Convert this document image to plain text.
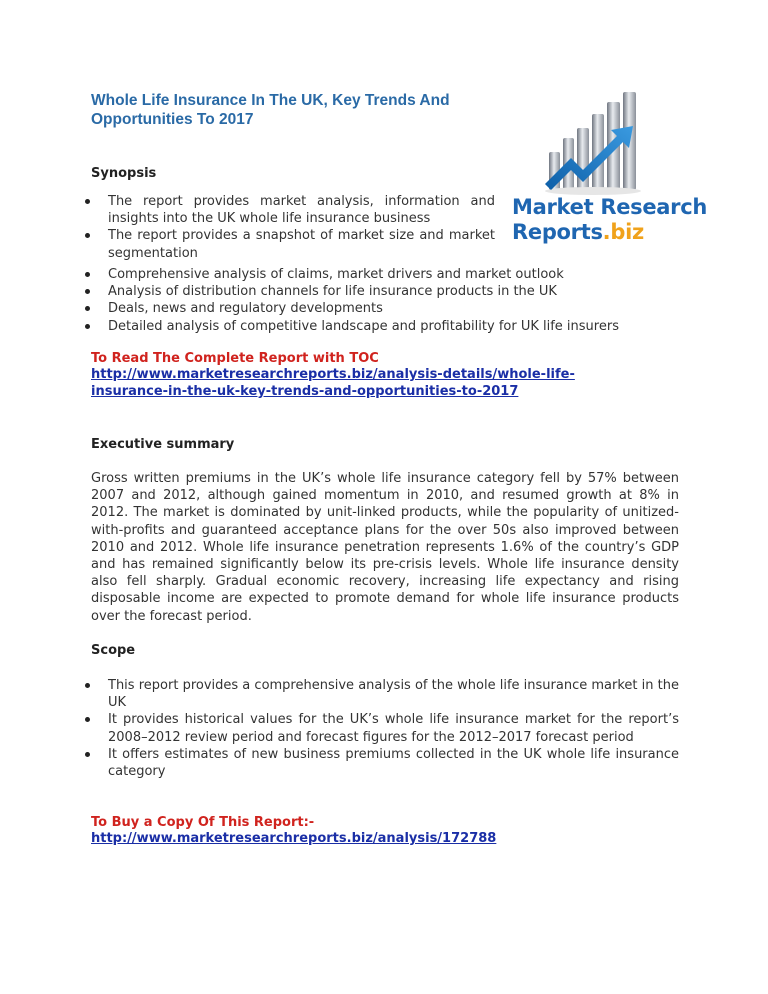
Whole Life Insurance In The UK, Key Trends And
Opportunities To 2017
Market Research
Reports.biz
Synopsis
The report provides market analysis, information and insights into the UK whole life insurance business
The report provides a snapshot of market size and market segmentation
Comprehensive analysis of claims, market drivers and market outlook
Analysis of distribution channels for life insurance products in the UK
Deals, news and regulatory developments
Detailed analysis of competitive landscape and profitability for UK life insurers
To Read The Complete Report with TOC
http://www.marketresearchreports.biz/analysis-details/whole-life-
insurance-in-the-uk-key-trends-and-opportunities-to-2017
Executive summary

Gross written premiums in the UK’s whole life insurance category fell by 57% between 2007 and 2012, although gained momentum in 2010, and resumed growth at 8% in 2012. The market is dominated by unit-linked products, while the popularity of unitized-with-profits and guaranteed acceptance plans for the over 50s also improved between 2010 and 2012. Whole life insurance penetration represents 1.6% of the country’s GDP and has remained significantly below its pre-crisis levels. Whole life insurance density also fell sharply. Gradual economic recovery, increasing life expectancy and rising disposable income are expected to promote demand for whole life insurance products over the forecast period.

Scope
This report provides a comprehensive analysis of the whole life insurance market in the UK
It provides historical values for the UK’s whole life insurance market for the report’s 2008–2012 review period and forecast figures for the 2012–2017 forecast period
It offers estimates of new business premiums collected in the UK whole life insurance category
To Buy a Copy Of This Report:-
http://www.marketresearchreports.biz/analysis/172788
